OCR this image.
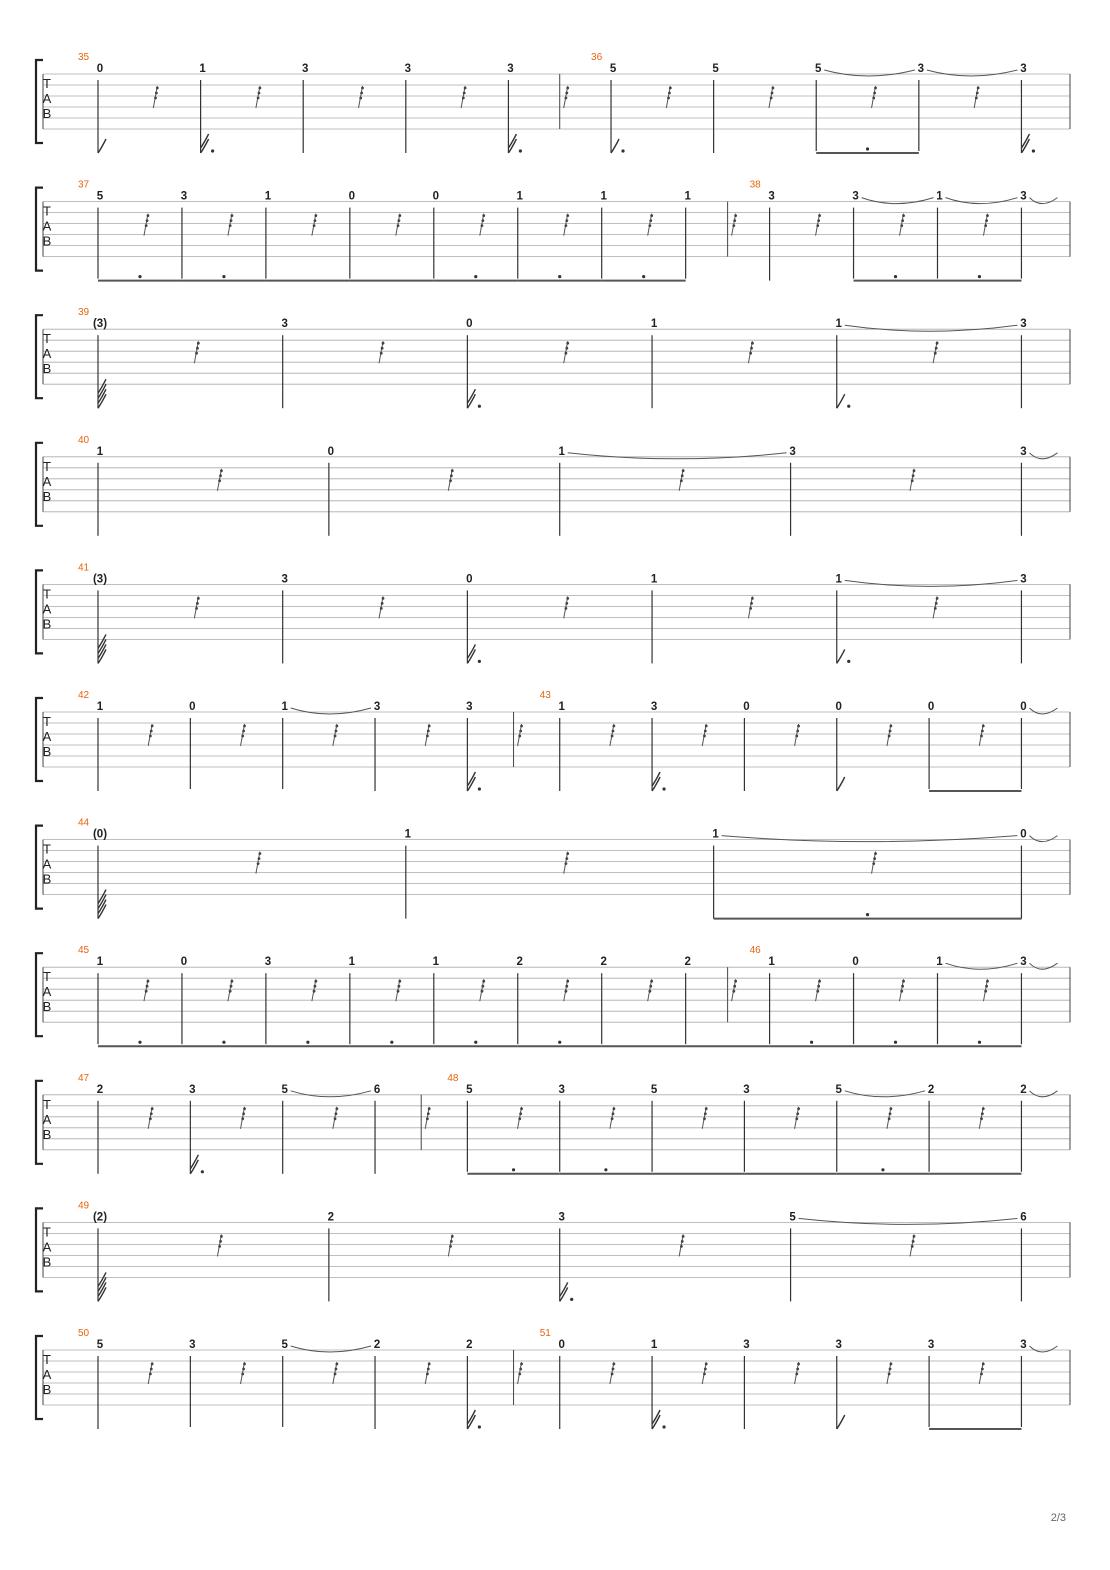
T
A
B
35
0	1	3	3	3
36
5	5	5	3	3
T
A
B
37
5	3	1	0	0	1	1	1
38
3	3	1	3
T
A
B
39
(3)	3	0	1	1	3
T
A
B
40
1	0	1	3	3
T
A
B
41
(3)	3	0	1	1	3
T
A
B
42
1	0	1	3	3
43
1	3	0	0	0	0
T
A
B
44
(0)	1	1	0
T
A
B
45
1	0	3	1	1	2	2	2
46
1	0	1	3
T
A
B
47
2	3	5	6
48
5	3	5	3	5	2	2
T
A
B
49
(2)	2	3	5	6
T
A
B
50
5	3	5	2	2
51
0	1	3	3	3	3
2/3
